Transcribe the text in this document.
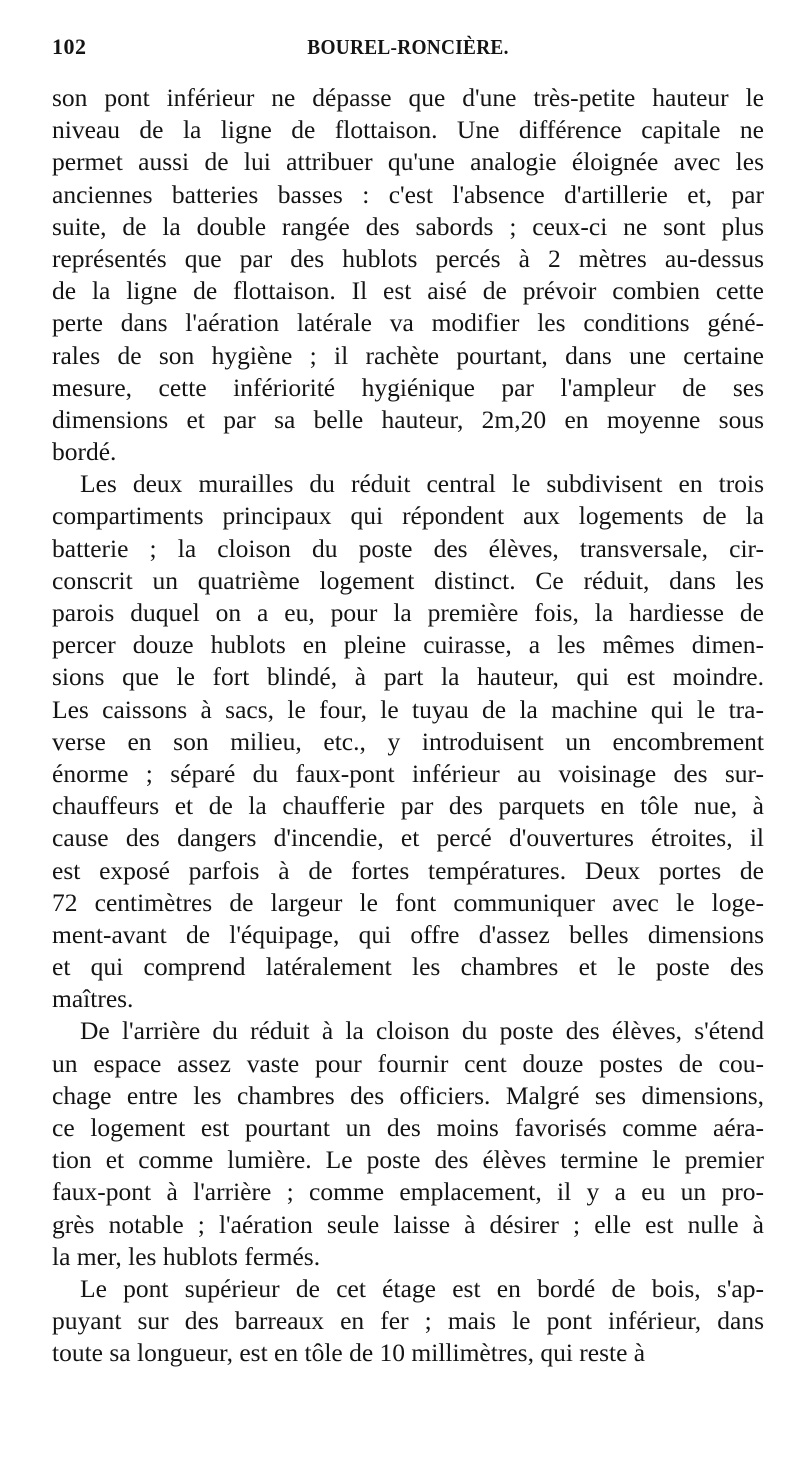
102	BOUREL-RONCIÈRE.
son pont inférieur ne dépasse que d'une très-petite hauteur le
niveau de la ligne de flottaison. Une différence capitale ne
permet aussi de lui attribuer qu'une analogie éloignée avec les
anciennes batteries basses : c'est l'absence d'artillerie et, par
suite, de la double rangée des sabords ; ceux-ci ne sont plus
représentés que par des hublots percés à 2 mètres au-dessus
de la ligne de flottaison. Il est aisé de prévoir combien cette
perte dans l'aération latérale va modifier les conditions géné-
rales de son hygiène ; il rachète pourtant, dans une certaine
mesure, cette infériorité hygiénique par l'ampleur de ses
dimensions et par sa belle hauteur, 2m,20 en moyenne sous
bordé.
Les deux murailles du réduit central le subdivisent en trois
compartiments principaux qui répondent aux logements de la
batterie ; la cloison du poste des élèves, transversale, cir-
conscrit un quatrième logement distinct. Ce réduit, dans les
parois duquel on a eu, pour la première fois, la hardiesse de
percer douze hublots en pleine cuirasse, a les mêmes dimen-
sions que le fort blindé, à part la hauteur, qui est moindre.
Les caissons à sacs, le four, le tuyau de la machine qui le tra-
verse en son milieu, etc., y introduisent un encombrement
énorme ; séparé du faux-pont inférieur au voisinage des sur-
chauffeurs et de la chaufferie par des parquets en tôle nue, à
cause des dangers d'incendie, et percé d'ouvertures étroites, il
est exposé parfois à de fortes températures. Deux portes de
72 centimètres de largeur le font communiquer avec le loge-
ment-avant de l'équipage, qui offre d'assez belles dimensions
et qui comprend latéralement les chambres et le poste des
maîtres.
De l'arrière du réduit à la cloison du poste des élèves, s'étend
un espace assez vaste pour fournir cent douze postes de cou-
chage entre les chambres des officiers. Malgré ses dimensions,
ce logement est pourtant un des moins favorisés comme aéra-
tion et comme lumière. Le poste des élèves termine le premier
faux-pont à l'arrière ; comme emplacement, il y a eu un pro-
grès notable ; l'aération seule laisse à désirer ; elle est nulle à
la mer, les hublots fermés.
Le pont supérieur de cet étage est en bordé de bois, s'ap-
puyant sur des barreaux en fer ; mais le pont inférieur, dans
toute sa longueur, est en tôle de 10 millimètres, qui reste à
